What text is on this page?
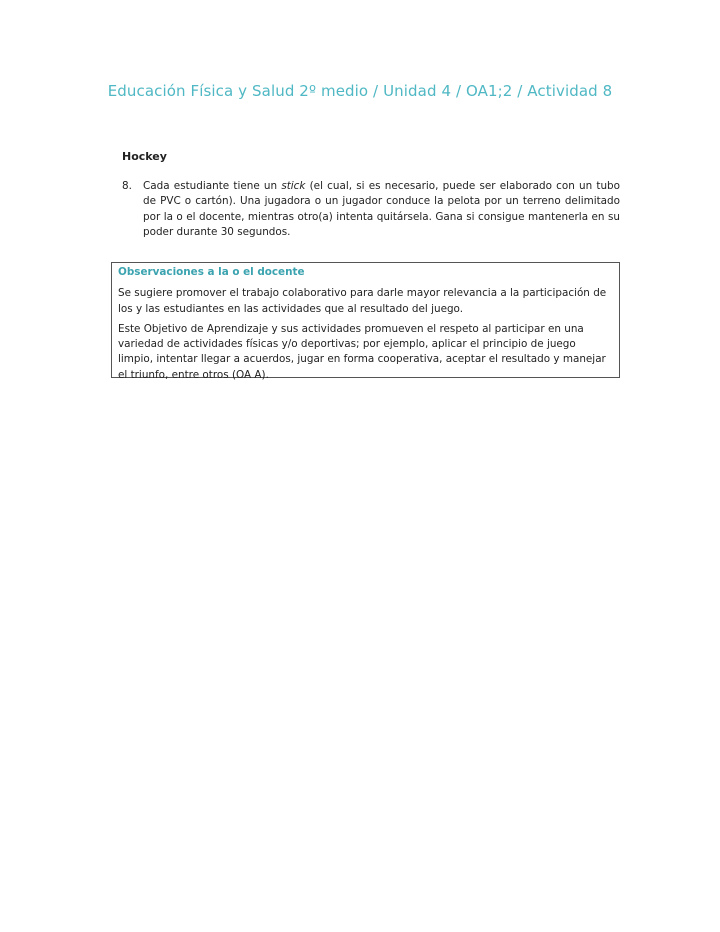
Educación Física y Salud 2º medio / Unidad 4 / OA1;2 / Actividad 8
Hockey
8.	Cada estudiante tiene un stick (el cual, si es necesario, puede ser elaborado con un tubo de PVC o cartón). Una jugadora o un jugador conduce la pelota por un terreno delimitado por la o el docente, mientras otro(a) intenta quitársela. Gana si consigue mantenerla en su poder durante 30 segundos.

Observaciones a la o el docente

Se sugiere promover el trabajo colaborativo para darle mayor relevancia a la participación de los y las estudiantes en las actividades que al resultado del juego.

Este Objetivo de Aprendizaje y sus actividades promueven el respeto al participar en una variedad de actividades físicas y/o deportivas; por ejemplo, aplicar el principio de juego limpio, intentar llegar a acuerdos, jugar en forma cooperativa, aceptar el resultado y manejar el triunfo, entre otros (OA A).
